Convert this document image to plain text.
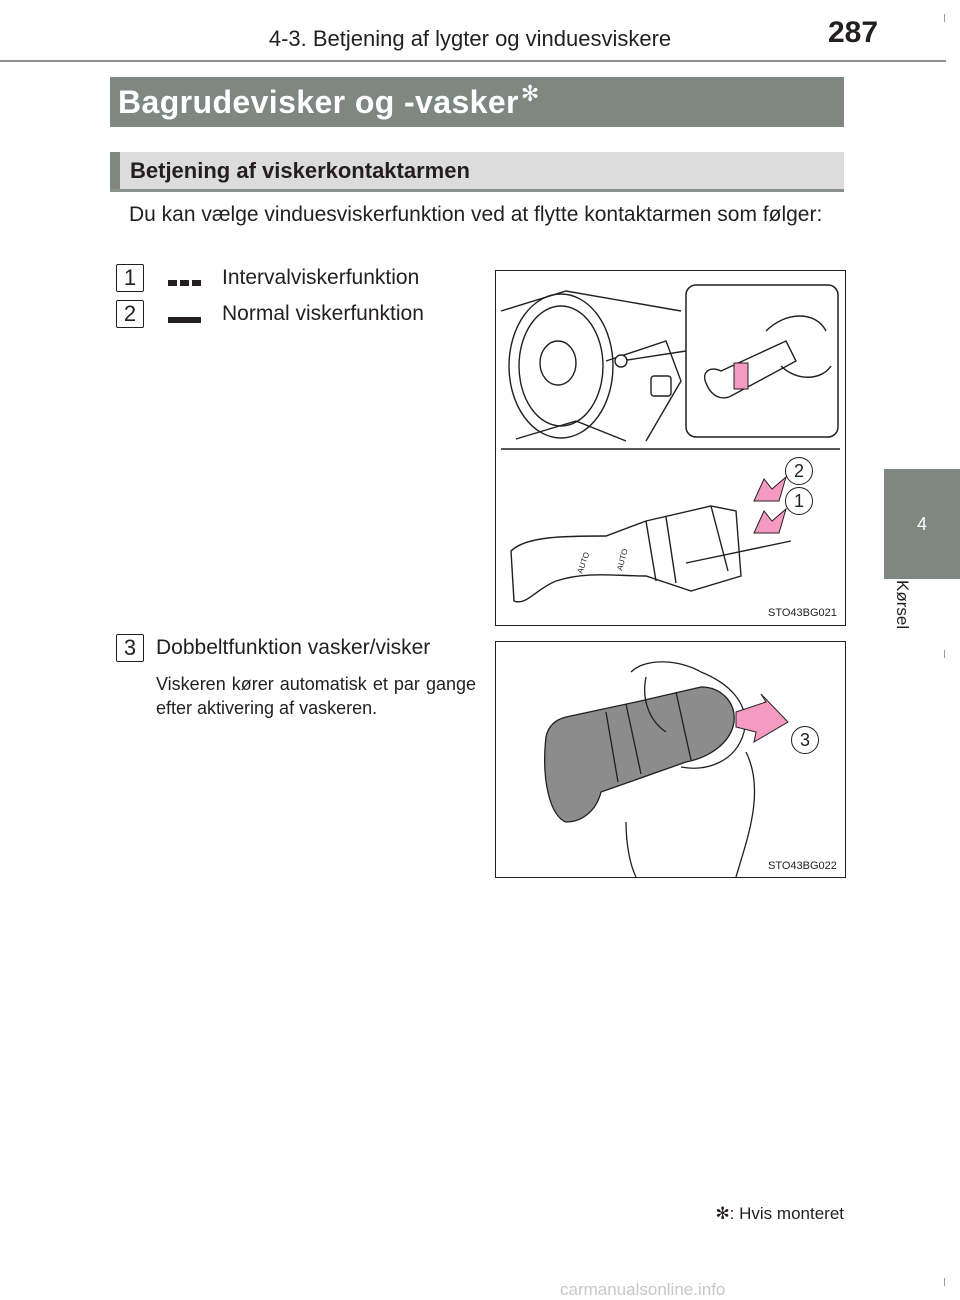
4-3. Betjening af lygter og vinduesviskere	287
Bagrudevisker og -vasker✻
Betjening af viskerkontaktarmen
Du kan vælge vinduesviskerfunktion ved at flytte kontaktarmen som følger:
1	Intervalviskerfunktion
2	Normal viskerfunktion
3 Dobbeltfunktion vasker/visker
Viskeren kører automatisk et par gange efter aktivering af vaskeren.
AUTO	AUTO
2
1
STO43BG021
3
STO43BG022
4
Kørsel
✻: Hvis monteret
carmanualsonline.info
